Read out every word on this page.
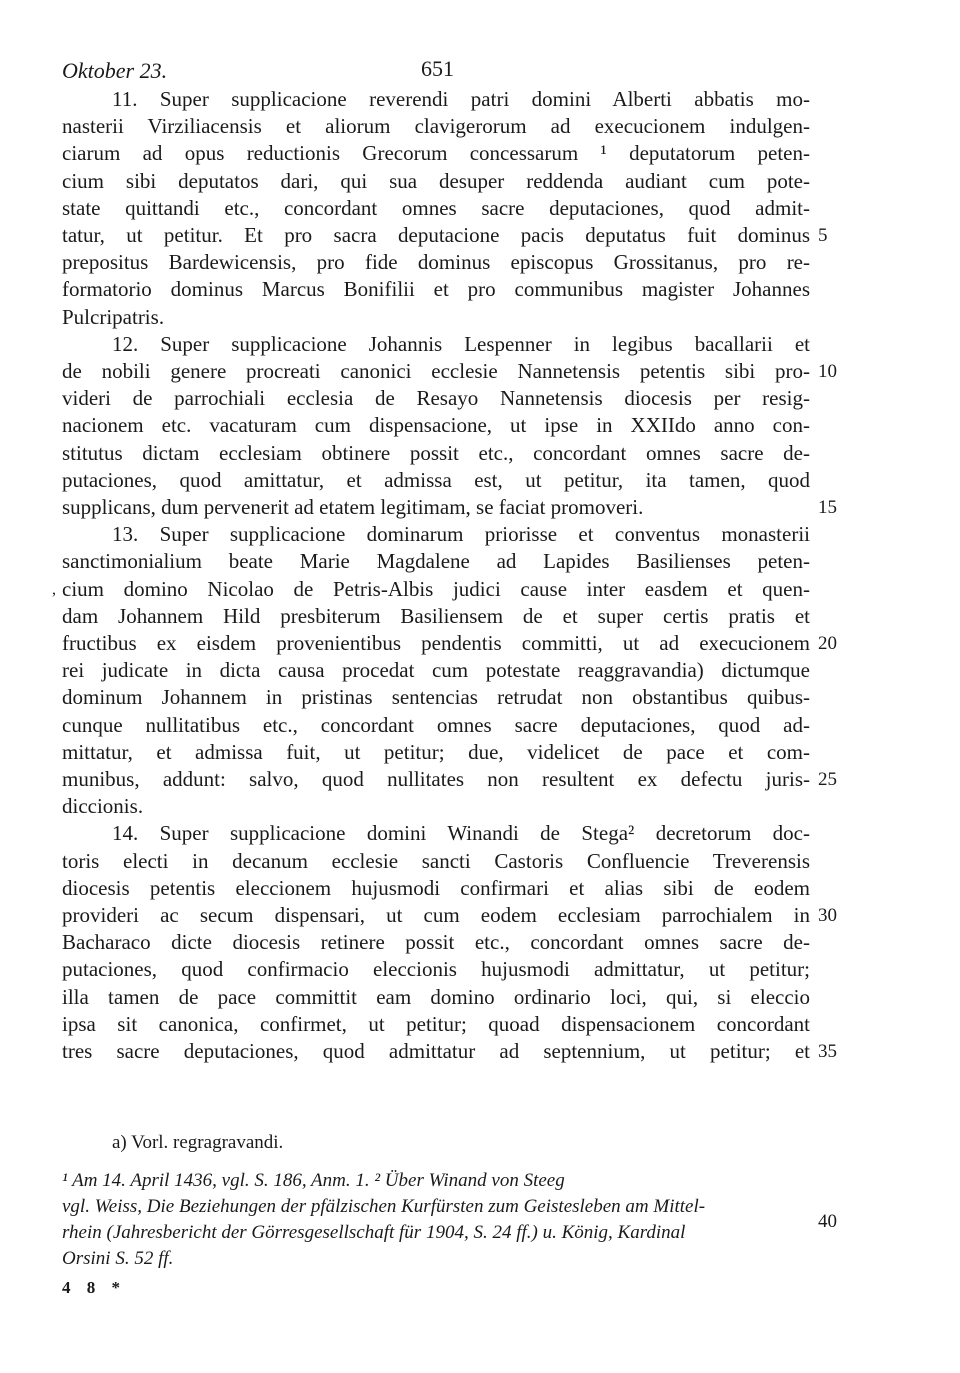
Oktober 23.	651
11. Super supplicacione reverendi patri domini Alberti abbatis mo-
nasterii Virziliacensis et aliorum clavigerorum ad execucionem indulgen-
ciarum ad opus reductionis Grecorum concessarum ¹ deputatorum peten-
cium sibi deputatos dari, qui sua desuper reddenda audiant cum pote-
state quittandi etc., concordant omnes sacre deputaciones, quod admit-
tatur, ut petitur. Et pro sacra deputacione pacis deputatus fuit dominus
prepositus Bardewicensis, pro fide dominus episcopus Grossitanus, pro re-
formatorio dominus Marcus Bonifilii et pro communibus magister Johannes
Pulcripatris.
12. Super supplicacione Johannis Lespenner in legibus bacallarii et
de nobili genere procreati canonici ecclesie Nannetensis petentis sibi pro-
videri de parrochiali ecclesia de Resayo Nannetensis diocesis per resig-
nacionem etc. vacaturam cum dispensacione, ut ipse in XXIIdo anno con-
stitutus dictam ecclesiam obtinere possit etc., concordant omnes sacre de-
putaciones, quod amittatur, et admissa est, ut petitur, ita tamen, quod
supplicans, dum pervenerit ad etatem legitimam, se faciat promoveri.
13. Super supplicacione dominarum priorisse et conventus monasterii
sanctimonialium beate Marie Magdalene ad Lapides Basilienses peten-
cium domino Nicolao de Petris-Albis judici cause inter easdem et quen-
dam Johannem Hild presbiterum Basiliensem de et super certis pratis et
fructibus ex eisdem provenientibus pendentis committi, ut ad execucionem
rei judicate in dicta causa procedat cum potestate reaggravandia) dictumque
dominum Johannem in pristinas sentencias retrudat non obstantibus quibus-
cunque nullitatibus etc., concordant omnes sacre deputaciones, quod ad-
mittatur, et admissa fuit, ut petitur; due, videlicet de pace et com-
munibus, addunt: salvo, quod nullitates non resultent ex defectu juris-
diccionis.
14. Super supplicacione domini Winandi de Stega² decretorum doc-
toris electi in decanum ecclesie sancti Castoris Confluencie Treverensis
diocesis petentis eleccionem hujusmodi confirmari et alias sibi de eodem
provideri ac secum dispensari, ut cum eodem ecclesiam parrochialem in
Bacharaco dicte diocesis retinere possit etc., concordant omnes sacre de-
putaciones, quod confirmacio eleccionis hujusmodi admittatur, ut petitur;
illa tamen de pace committit eam domino ordinario loci, qui, si eleccio
ipsa sit canonica, confirmet, ut petitur; quoad dispensacionem concordant
tres sacre deputaciones, quod admittatur ad septennium, ut petitur; et
5
10
15
20
25
30
35
40
,
a) Vorl. regragravandi.
¹ Am 14. April 1436, vgl. S. 186, Anm. 1. ² Über Winand von Steeg
vgl. Weiss, Die Beziehungen der pfälzischen Kurfürsten zum Geistesleben am Mittel-
rhein (Jahresbericht der Görresgesellschaft für 1904, S. 24 ff.) u. König, Kardinal
Orsini S. 52 ff.
4 8 *
